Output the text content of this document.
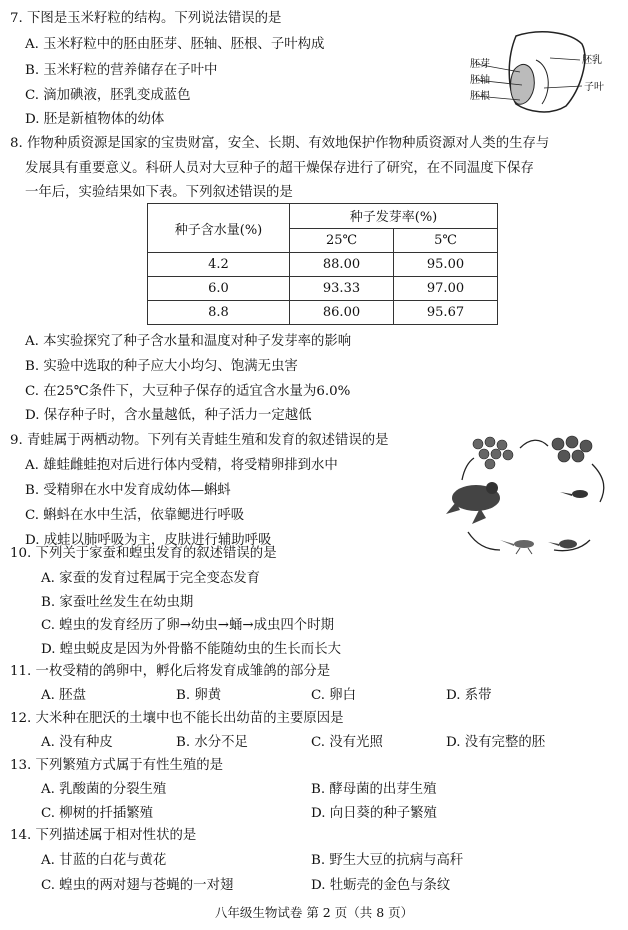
7. 下图是玉米籽粒的结构。下列说法错误的是
A. 玉米籽粒中的胚由胚芽、胚轴、胚根、子叶构成
B. 玉米籽粒的营养储存在子叶中
C. 滴加碘液，胚乳变成蓝色
D. 胚是新植物体的幼体
胚芽
胚轴
胚根
胚乳
子叶
8. 作物种质资源是国家的宝贵财富，安全、长期、有效地保护作物种质资源对人类的生存与
发展具有重要意义。科研人员对大豆种子的超干燥保存进行了研究，在不同温度下保存
一年后，实验结果如下表。下列叙述错误的是
种子含水量(%)	种子发芽率(%)	
	25℃	5℃
4.2	88.00	95.00
6.0	93.33	97.00
8.8	86.00	95.67
A. 本实验探究了种子含水量和温度对种子发芽率的影响
B. 实验中选取的种子应大小均匀、饱满无虫害
C. 在25℃条件下，大豆种子保存的适宜含水量为6.0%
D. 保存种子时，含水量越低，种子活力一定越低
9. 青蛙属于两栖动物。下列有关青蛙生殖和发育的叙述错误的是
A. 雄蛙雌蛙抱对后进行体内受精，将受精卵排到水中
B. 受精卵在水中发育成幼体—蝌蚪
C. 蝌蚪在水中生活，依靠鳃进行呼吸
D. 成蛙以肺呼吸为主，皮肤进行辅助呼吸
10. 下列关于家蚕和蝗虫发育的叙述错误的是
A. 家蚕的发育过程属于完全变态发育
B. 家蚕吐丝发生在幼虫期
C. 蝗虫的发育经历了卵→幼虫→蛹→成虫四个时期
D. 蝗虫蜕皮是因为外骨骼不能随幼虫的生长而长大
11. 一枚受精的鸽卵中，孵化后将发育成雏鸽的部分是
A. 胚盘	B. 卵黄	C. 卵白	D. 系带
12. 大米种在肥沃的土壤中也不能长出幼苗的主要原因是
A. 没有种皮	B. 水分不足	C. 没有光照	D. 没有完整的胚
13. 下列繁殖方式属于有性生殖的是
A. 乳酸菌的分裂生殖	B. 酵母菌的出芽生殖
C. 柳树的扦插繁殖	D. 向日葵的种子繁殖
14. 下列描述属于相对性状的是
A. 甘蓝的白花与黄花	B. 野生大豆的抗病与高秆
C. 蝗虫的两对翅与苍蝇的一对翅	D. 牡蛎壳的金色与条纹
八年级生物试卷 第 2 页（共 8 页）
